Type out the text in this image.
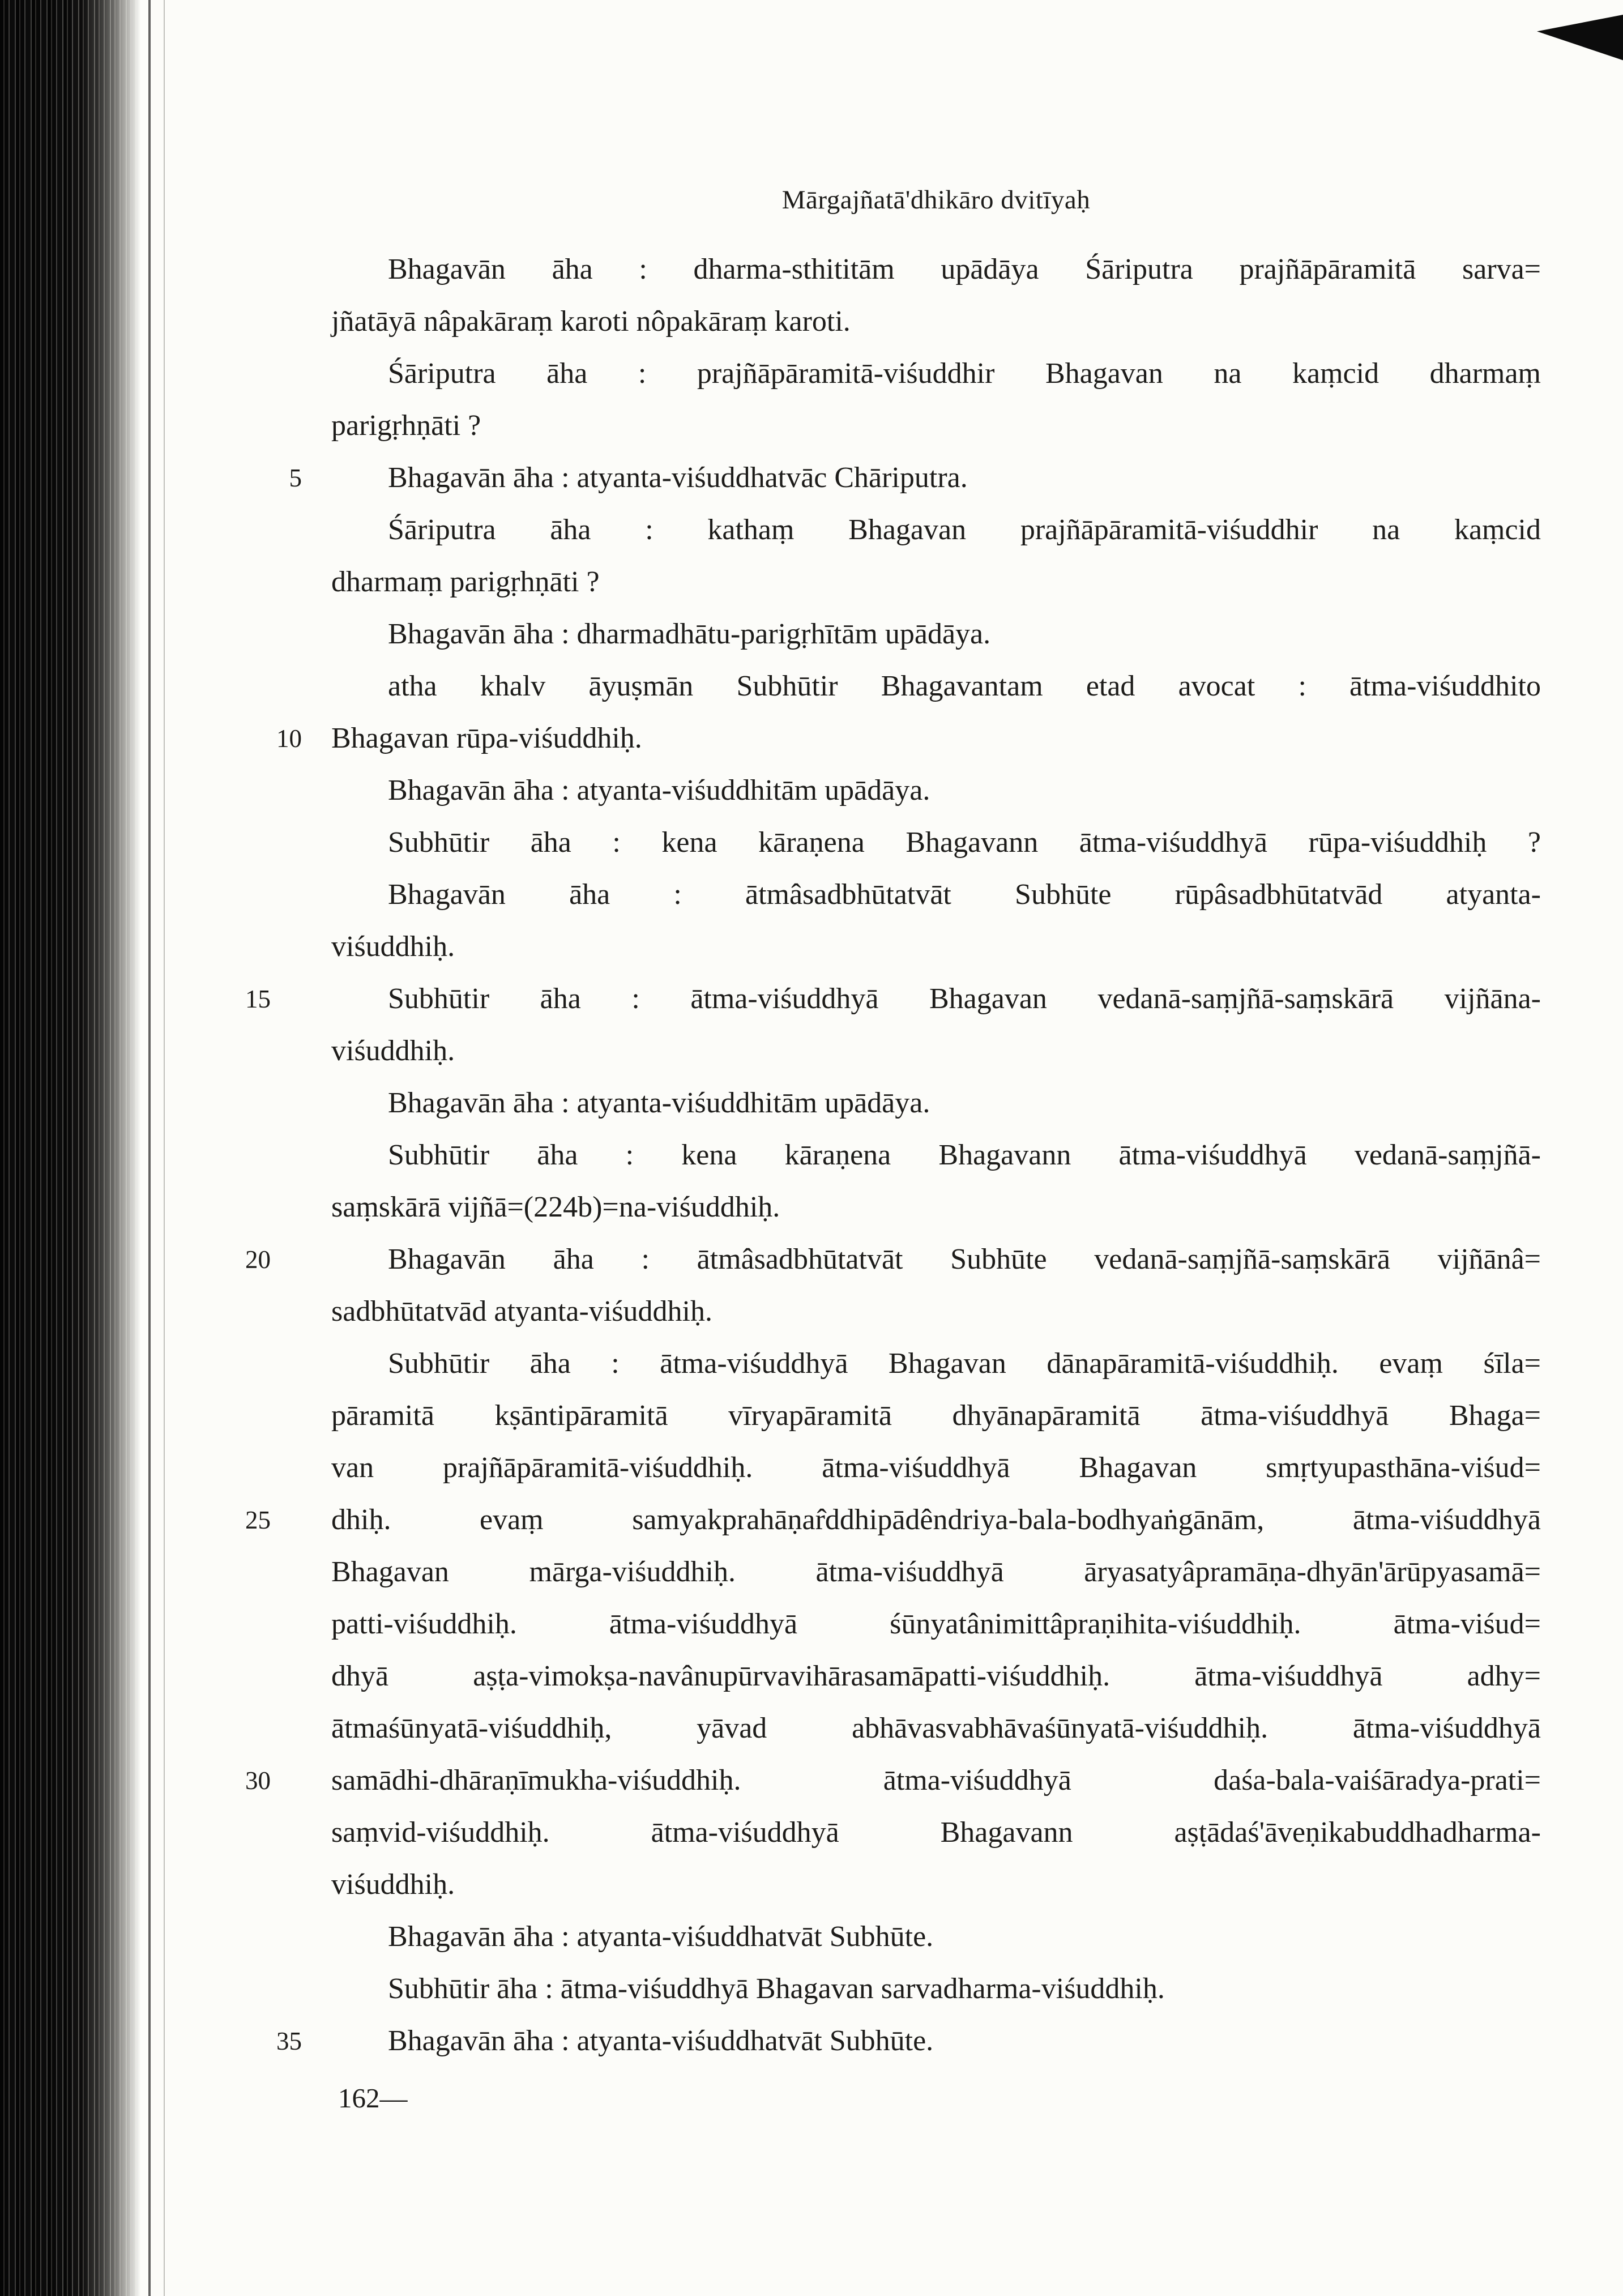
Mārgajñatā'dhikāro dvitīyaḥ
Bhagavān āha : dharma-sthititām upādāya Śāriputra prajñāpāramitā sarva=
jñatāyā nâpakāraṃ karoti nôpakāraṃ karoti.
Śāriputra āha : prajñāpāramitā-viśuddhir Bhagavan na kaṃcid dharmaṃ
parigṛhṇāti ?
5	Bhagavān āha : atyanta-viśuddhatvāc Chāriputra.
Śāriputra āha : kathaṃ Bhagavan prajñāpāramitā-viśuddhir na kaṃcid
dharmaṃ parigṛhṇāti ?
Bhagavān āha : dharmadhātu-parigṛhītām upādāya.
atha khalv āyuṣmān Subhūtir Bhagavantam etad avocat : ātma-viśuddhito
10 Bhagavan rūpa-viśuddhiḥ.
Bhagavān āha : atyanta-viśuddhitām upādāya.
Subhūtir āha : kena kāraṇena Bhagavann ātma-viśuddhyā rūpa-viśuddhiḥ ?
Bhagavān āha : ātmâsadbhūtatvāt Subhūte rūpâsadbhūtatvād atyanta-
viśuddhiḥ.
15	Subhūtir āha : ātma-viśuddhyā Bhagavan vedanā-saṃjñā-saṃskārā vijñāna-
viśuddhiḥ.
Bhagavān āha : atyanta-viśuddhitām upādāya.
Subhūtir āha : kena kāraṇena Bhagavann ātma-viśuddhyā vedanā-saṃjñā-
saṃskārā vijñā=(224b)=na-viśuddhiḥ.
20	Bhagavān āha : ātmâsadbhūtatvāt Subhūte vedanā-saṃjñā-saṃskārā vijñānâ=
sadbhūtatvād atyanta-viśuddhiḥ.
Subhūtir āha : ātma-viśuddhyā Bhagavan dānapāramitā-viśuddhiḥ. evaṃ śīla=
pāramitā kṣāntipāramitā vīryapāramitā dhyānapāramitā ātma-viśuddhyā Bhaga=
van prajñāpāramitā-viśuddhiḥ. ātma-viśuddhyā Bhagavan smṛtyupasthāna-viśud=
25	dhiḥ. evaṃ samyakprahāṇar̂ddhipādêndriya-bala-bodhyaṅgānām, ātma-viśuddhyā
Bhagavan mārga-viśuddhiḥ. ātma-viśuddhyā āryasatyâpramāṇa-dhyān'ārūpyasamā=
patti-viśuddhiḥ. ātma-viśuddhyā śūnyatânimittâpraṇihita-viśuddhiḥ. ātma-viśud=
dhyā aṣṭa-vimokṣa-navânupūrvavihārasamāpatti-viśuddhiḥ. ātma-viśuddhyā adhy=
ātmaśūnyatā-viśuddhiḥ, yāvad abhāvasvabhāvaśūnyatā-viśuddhiḥ. ātma-viśuddhyā
30	samādhi-dhāraṇīmukha-viśuddhiḥ. ātma-viśuddhyā daśa-bala-vaiśāradya-prati=
saṃvid-viśuddhiḥ. ātma-viśuddhyā Bhagavann aṣṭādaś'āveṇikabuddhadharma-
viśuddhiḥ.
Bhagavān āha : atyanta-viśuddhatvāt Subhūte.
Subhūtir āha : ātma-viśuddhyā Bhagavan sarvadharma-viśuddhiḥ.
35	Bhagavān āha : atyanta-viśuddhatvāt Subhūte.
162—
